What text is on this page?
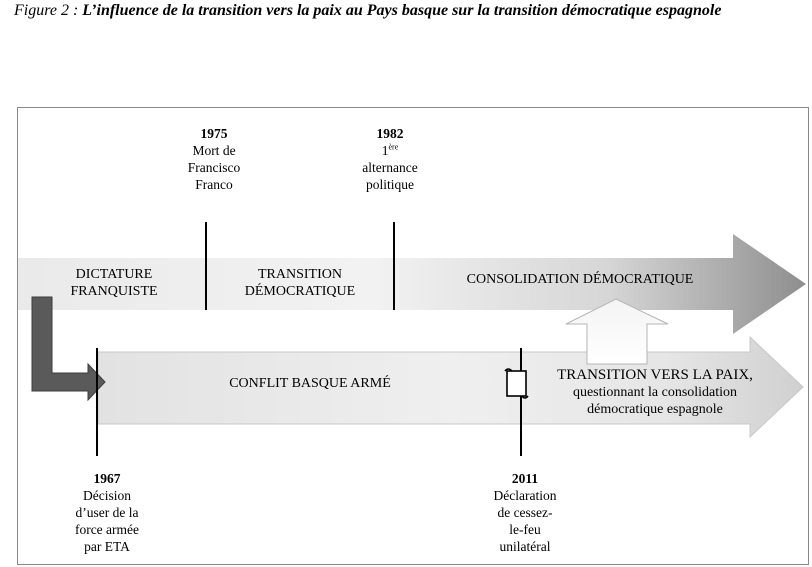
Figure 2 : L’influence de la transition vers la paix au Pays basque sur la transition démocratique espagnole
1975
Mort de
Francisco
Franco
1982
1ère
alternance
politique
1967
Décision
d’user de la
force armée
par ETA
2011
Déclaration
de cessez-
le-feu
unilatéral
DICTATURE
FRANQUISTE
TRANSITION
DÉMOCRATIQUE
CONSOLIDATION DÉMOCRATIQUE
CONFLIT BASQUE ARMÉ
TRANSITION VERS LA PAIX,
questionnant la consolidation
démocratique espagnole
